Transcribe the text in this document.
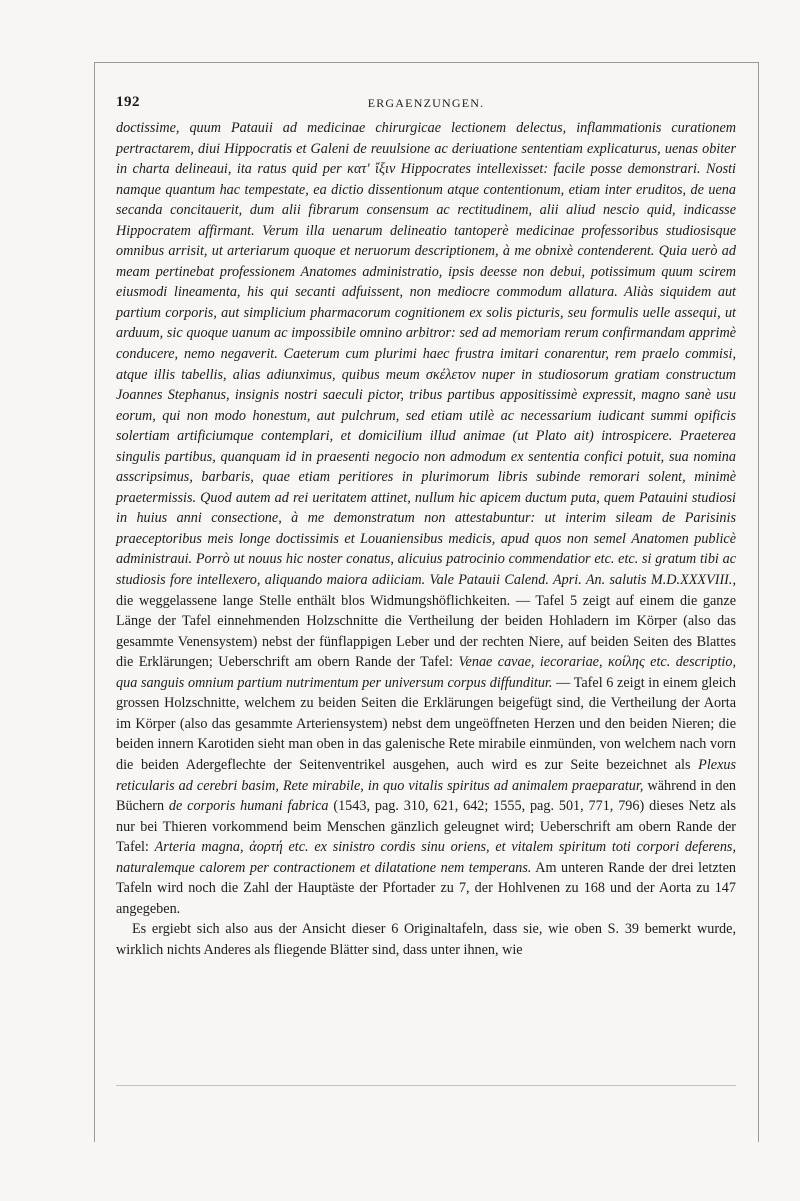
192	ERGAENZUNGEN.

doctissime, quum Patauii ad medicinae chirurgicae lectionem delectus, inflammationis curationem pertractarem, diui Hippocratis et Galeni de reuulsione ac deriuatione sententiam explicaturus, uenas obiter in charta delineaui, ita ratus quid per κατ' ἴξιν Hippocrates intellexisset: facile posse demonstrari. Nosti namque quantum hac tempestate, ea dictio dissentionum atque contentionum, etiam inter eruditos, de uena secanda concitauerit, dum alii fibrarum consensum ac rectitudinem, alii aliud nescio quid, indicasse Hippocratem affirmant. Verum illa uenarum delineatio tantoperè medicinae professoribus studiosisque omnibus arrisit, ut arteriarum quoque et neruorum descriptionem, à me obnixè contenderent. Quia uerò ad meam pertinebat professionem Anatomes administratio, ipsis deesse non debui, potissimum quum scirem eiusmodi lineamenta, his qui secanti adfuissent, non mediocre commodum allatura. Aliàs siquidem aut partium corporis, aut simplicium pharmacorum cognitionem ex solis picturis, seu formulis uelle assequi, ut arduum, sic quoque uanum ac impossibile omnino arbitror: sed ad memoriam rerum confirmandam apprimè conducere, nemo negaverit. Caeterum cum plurimi haec frustra imitari conarentur, rem praelo commisi, atque illis tabellis, alias adiunximus, quibus meum σκέλετον nuper in studiosorum gratiam constructum Joannes Stephanus, insignis nostri saeculi pictor, tribus partibus appositissimè expressit, magno sanè usu eorum, qui non modo honestum, aut pulchrum, sed etiam utilè ac necessarium iudicant summi opificis solertiam artificiumque contemplari, et domicilium illud animae (ut Plato ait) introspicere. Praeterea singulis partibus, quanquam id in praesenti negocio non admodum ex sententia confici potuit, sua nomina asscripsimus, barbaris, quae etiam peritiores in plurimorum libris subinde remorari solent, minimè praetermissis. Quod autem ad rei ueritatem attinet, nullum hic apicem ductum puta, quem Patauini studiosi in huius anni consectione, à me demonstratum non attestabuntur: ut interim sileam de Parisinis praeceptoribus meis longe doctissimis et Louaniensibus medicis, apud quos non semel Anatomen publicè administraui. Porrò ut nouus hic noster conatus, alicuius patrocinio commendatior etc. etc. si gratum tibi ac studiosis fore intellexero, aliquando maiora adiiciam. Vale Patauii Calend. Apri. An. salutis M.D.XXXVIII., die weggelassene lange Stelle enthält blos Widmungshöflichkeiten. — Tafel 5 zeigt auf einem die ganze Länge der Tafel einnehmenden Holzschnitte die Vertheilung der beiden Hohladern im Körper (also das gesammte Venensystem) nebst der fünflappigen Leber und der rechten Niere, auf beiden Seiten des Blattes die Erklärungen; Ueberschrift am obern Rande der Tafel: Venae cavae, iecorariae, κοίλης etc. descriptio, qua sanguis omnium partium nutrimentum per universum corpus diffunditur. — Tafel 6 zeigt in einem gleich grossen Holzschnitte, welchem zu beiden Seiten die Erklärungen beigefügt sind, die Vertheilung der Aorta im Körper (also das gesammte Arteriensystem) nebst dem ungeöffneten Herzen und den beiden Nieren; die beiden innern Karotiden sieht man oben in das galenische Rete mirabile einmünden, von welchem nach vorn die beiden Adergeflechte der Seitenventrikel ausgehen, auch wird es zur Seite bezeichnet als Plexus reticularis ad cerebri basim, Rete mirabile, in quo vitalis spiritus ad animalem praeparatur, während in den Büchern de corporis humani fabrica (1543, pag. 310, 621, 642; 1555, pag. 501, 771, 796) dieses Netz als nur bei Thieren vorkommend beim Menschen gänzlich geleugnet wird; Ueberschrift am obern Rande der Tafel: Arteria magna, ἀορτή etc. ex sinistro cordis sinu oriens, et vitalem spiritum toti corpori deferens, naturalemque calorem per contractionem et dilatatione nem temperans. Am unteren Rande der drei letzten Tafeln wird noch die Zahl der Hauptäste der Pfortader zu 7, der Hohlvenen zu 168 und der Aorta zu 147 angegeben.

Es ergiebt sich also aus der Ansicht dieser 6 Originaltafeln, dass sie, wie oben S. 39 bemerkt wurde, wirklich nichts Anderes als fliegende Blätter sind, dass unter ihnen, wie
